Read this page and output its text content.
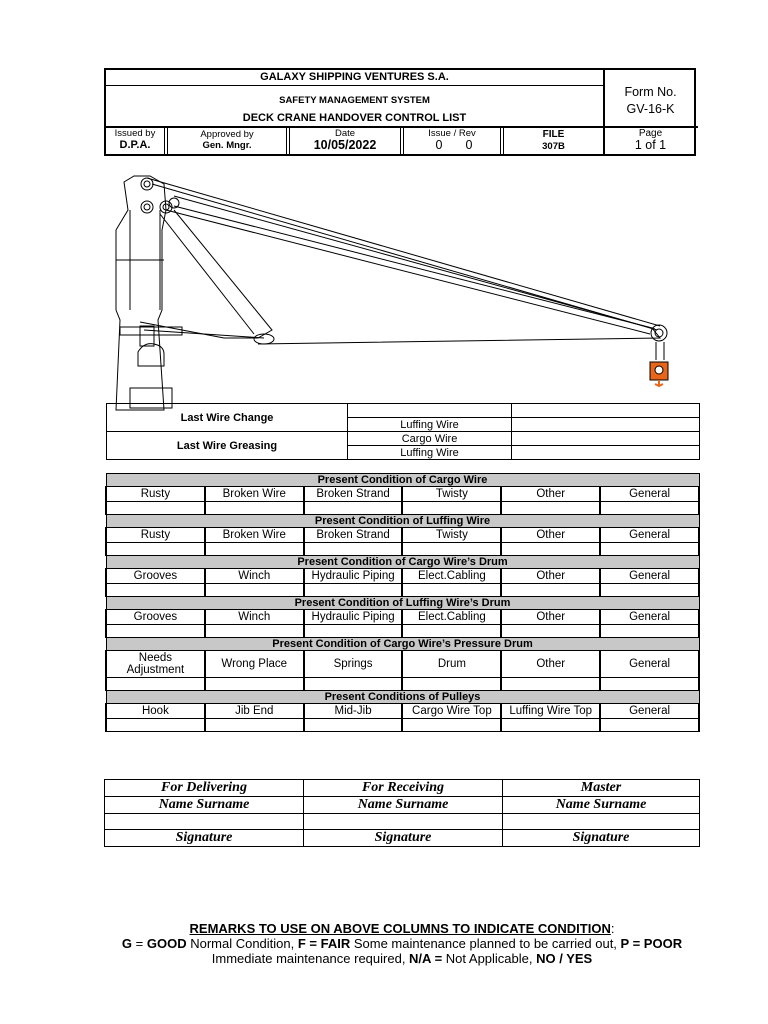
GALAXY SHIPPING VENTURES S.A.
SAFETY MANAGEMENT SYSTEM
DECK CRANE HANDOVER CONTROL LIST
Form No.
GV-16-K
Issued by
D.P.A.
Approved by
Gen. Mngr.
Date
10/05/2022
Issue / Rev
0	0
FILE
307B
Page
1 of 1
Last Wire Change		
	Luffing Wire	
Last Wire Greasing	Cargo Wire	
	Luffing Wire	
Present Condition of Cargo Wire					
Rusty	Broken Wire	Broken Strand	Twisty	Other	General

Present Condition of Luffing Wire					
Rusty	Broken Wire	Broken Strand	Twisty	Other	General

Present Condition of Cargo Wire’s Drum					
Grooves	Winch	Hydraulic Piping	Elect.Cabling	Other	General

Present Condition of Luffing Wire’s Drum					
Grooves	Winch	Hydraulic Piping	Elect.Cabling	Other	General

Present Condition of Cargo Wire’s Pressure Drum					
Needs Adjustment	Wrong Place	Springs	Drum	Other	General

Present Conditions of Pulleys					
Hook	Jib End	Mid-Jib	Cargo Wire Top	Luffing Wire Top	General

For Delivering	For Receiving	Master
Name Surname	Name Surname	Name Surname

Signature	Signature	Signature
REMARKS TO USE ON ABOVE COLUMNS TO INDICATE CONDITION:
G = GOOD Normal Condition, F = FAIR Some maintenance planned to be carried out, P = POOR
Immediate maintenance required, N/A = Not Applicable, NO / YES
